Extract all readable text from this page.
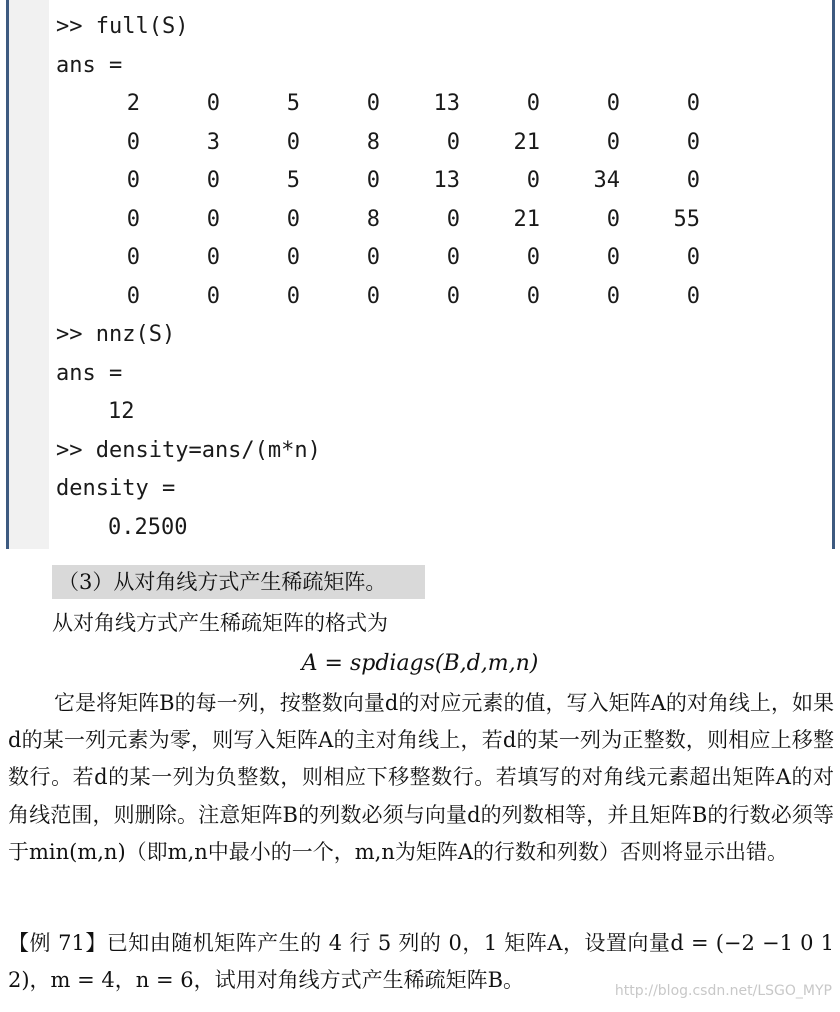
>> full(S)
ans =
2	0	5	0	13	0	0	0
0	3	0	8	0	21	0	0
0	0	5	0	13	0	34	0
0	0	0	8	0	21	0	55
0	0	0	0	0	0	0	0
0	0	0	0	0	0	0	0
>> nnz(S)
ans =
12
>> density=ans/(m*n)
density =
0.2500
（3）从对角线方式产生稀疏矩阵。
从对角线方式产生稀疏矩阵的格式为
A = spdiags(B,d,m,n)
它是将矩阵B的每一列，按整数向量d的对应元素的值，写入矩阵A的对角线上，如果d的某一列元素为零，则写入矩阵A的主对角线上，若d的某一列为正整数，则相应上移整数行。若d的某一列为负整数，则相应下移整数行。若填写的对角线元素超出矩阵A的对角线范围，则删除。注意矩阵B的列数必须与向量d的列数相等，并且矩阵B的行数必须等于min(m,n)（即m,n中最小的一个，m,n为矩阵A的行数和列数）否则将显示出错。
【例 71】已知由随机矩阵产生的 4 行 5 列的 0，1 矩阵A，设置向量d = (−2 −1 0 1 2)，m = 4，n = 6，试用对角线方式产生稀疏矩阵B。	http://blog.csdn.net/LSGO_MYP
